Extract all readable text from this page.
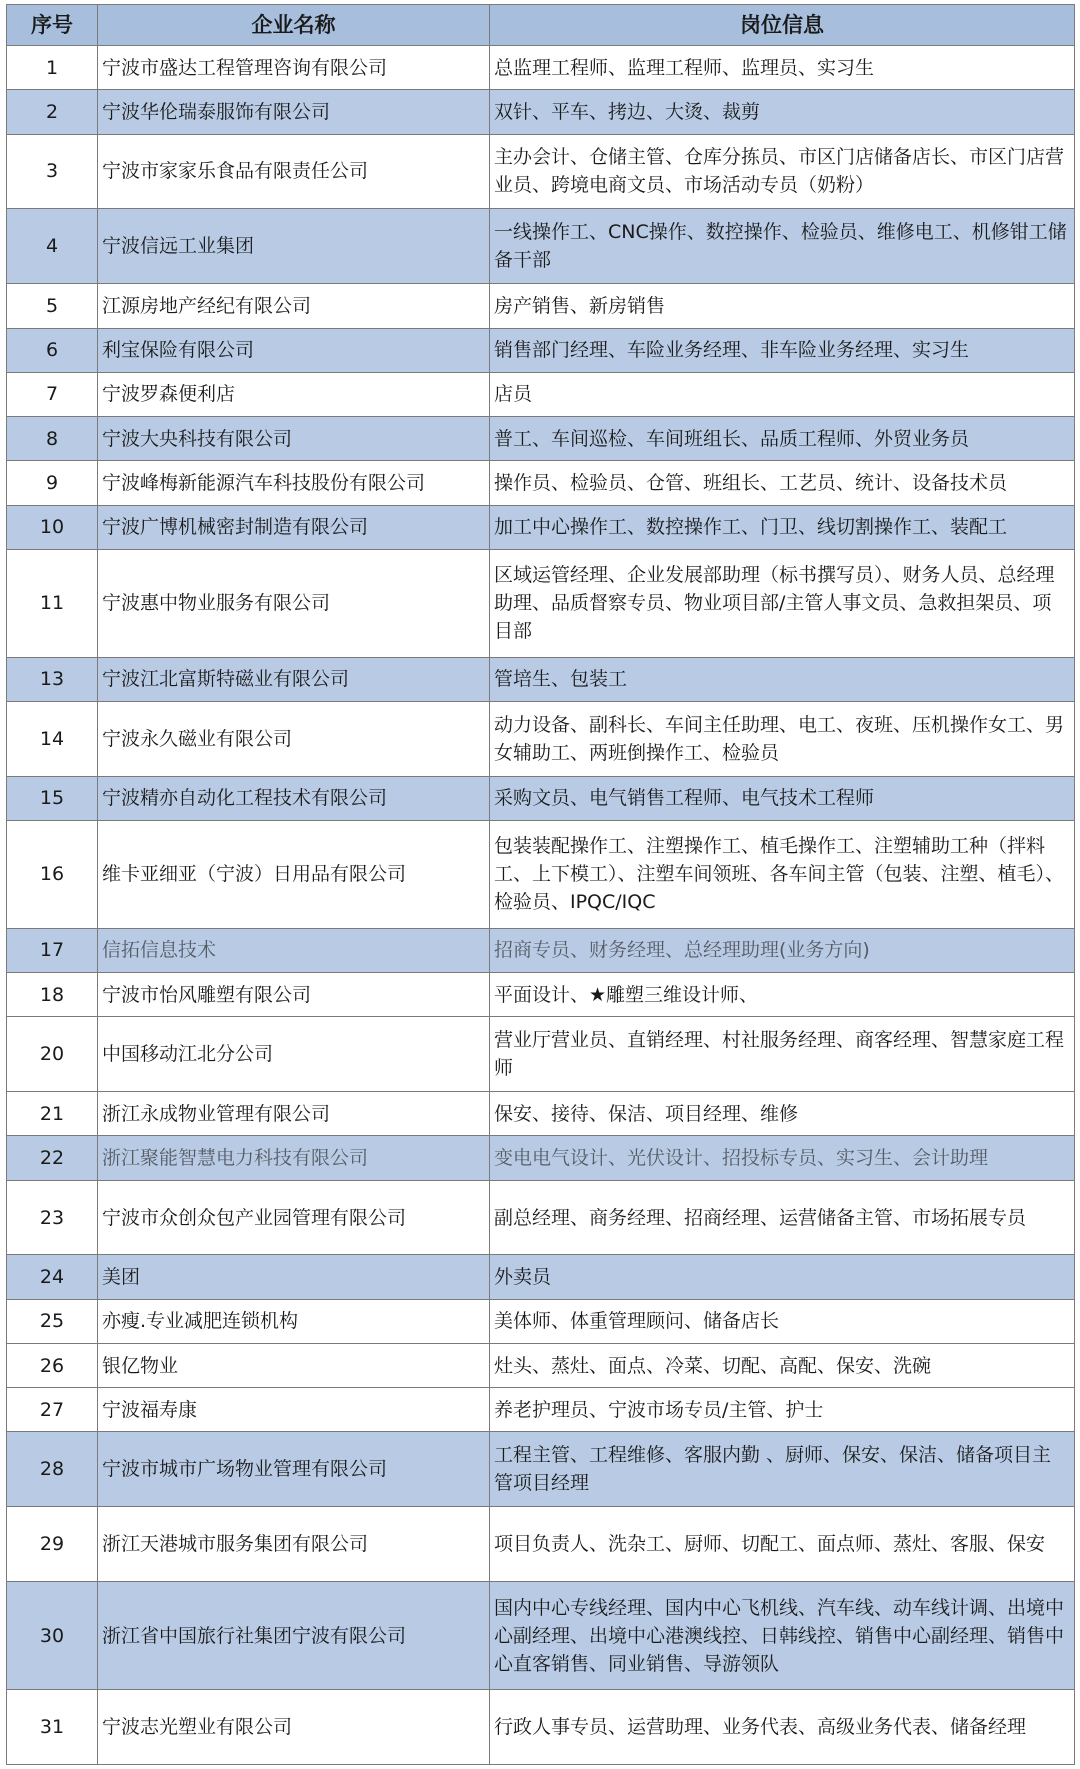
序号	企业名称	岗位信息
1	宁波市盛达工程管理咨询有限公司	总监理工程师、监理工程师、监理员、实习生
2	宁波华伦瑞泰服饰有限公司	双针、平车、拷边、大烫、裁剪
3	宁波市家家乐食品有限责任公司	主办会计、仓储主管、仓库分拣员、市区门店储备店长、市区门店营业员、跨境电商文员、市场活动专员（奶粉）
4	宁波信远工业集团	一线操作工、CNC操作、数控操作、检验员、维修电工、机修钳工储备干部
5	江源房地产经纪有限公司	房产销售、新房销售
6	利宝保险有限公司	销售部门经理、车险业务经理、非车险业务经理、实习生
7	宁波罗森便利店	店员
8	宁波大央科技有限公司	普工、车间巡检、车间班组长、品质工程师、外贸业务员
9	宁波峰梅新能源汽车科技股份有限公司	操作员、检验员、仓管、班组长、工艺员、统计、设备技术员
10	宁波广博机械密封制造有限公司	加工中心操作工、数控操作工、门卫、线切割操作工、装配工
11	宁波惠中物业服务有限公司	区域运管经理、企业发展部助理（标书撰写员）、财务人员、总经理助理、品质督察专员、物业项目部/主管人事文员、急救担架员、项目部
13	宁波江北富斯特磁业有限公司	管培生、包装工
14	宁波永久磁业有限公司	动力设备、副科长、车间主任助理、电工、夜班、压机操作女工、男女辅助工、两班倒操作工、检验员
15	宁波精亦自动化工程技术有限公司	采购文员、电气销售工程师、电气技术工程师
16	维卡亚细亚（宁波）日用品有限公司	包装装配操作工、注塑操作工、植毛操作工、注塑辅助工种（拌料工、上下模工）、注塑车间领班、各车间主管（包装、注塑、植毛）、检验员、IPQC/IQC
17	信拓信息技术	招商专员、财务经理、总经理助理(业务方向)
18	宁波市怡风雕塑有限公司	平面设计、★雕塑三维设计师、
20	中国移动江北分公司	营业厅营业员、直销经理、村社服务经理、商客经理、智慧家庭工程师
21	浙江永成物业管理有限公司	保安、接待、保洁、项目经理、维修
22	浙江聚能智慧电力科技有限公司	变电电气设计、光伏设计、招投标专员、实习生、会计助理
23	宁波市众创众包产业园管理有限公司	副总经理、商务经理、招商经理、运营储备主管、市场拓展专员
24	美团	外卖员
25	亦瘦.专业减肥连锁机构	美体师、体重管理顾问、储备店长
26	银亿物业	灶头、蒸灶、面点、冷菜、切配、高配、保安、洗碗
27	宁波福寿康	养老护理员、宁波市场专员/主管、护士
28	宁波市城市广场物业管理有限公司	工程主管、工程维修、客服内勤 、厨师、保安、保洁、储备项目主管项目经理
29	浙江天港城市服务集团有限公司	项目负责人、洗杂工、厨师、切配工、面点师、蒸灶、客服、保安
30	浙江省中国旅行社集团宁波有限公司	国内中心专线经理、国内中心飞机线、汽车线、动车线计调、出境中心副经理、出境中心港澳线控、日韩线控、销售中心副经理、销售中心直客销售、同业销售、导游领队
31	宁波志光塑业有限公司	行政人事专员、运营助理、业务代表、高级业务代表、储备经理
